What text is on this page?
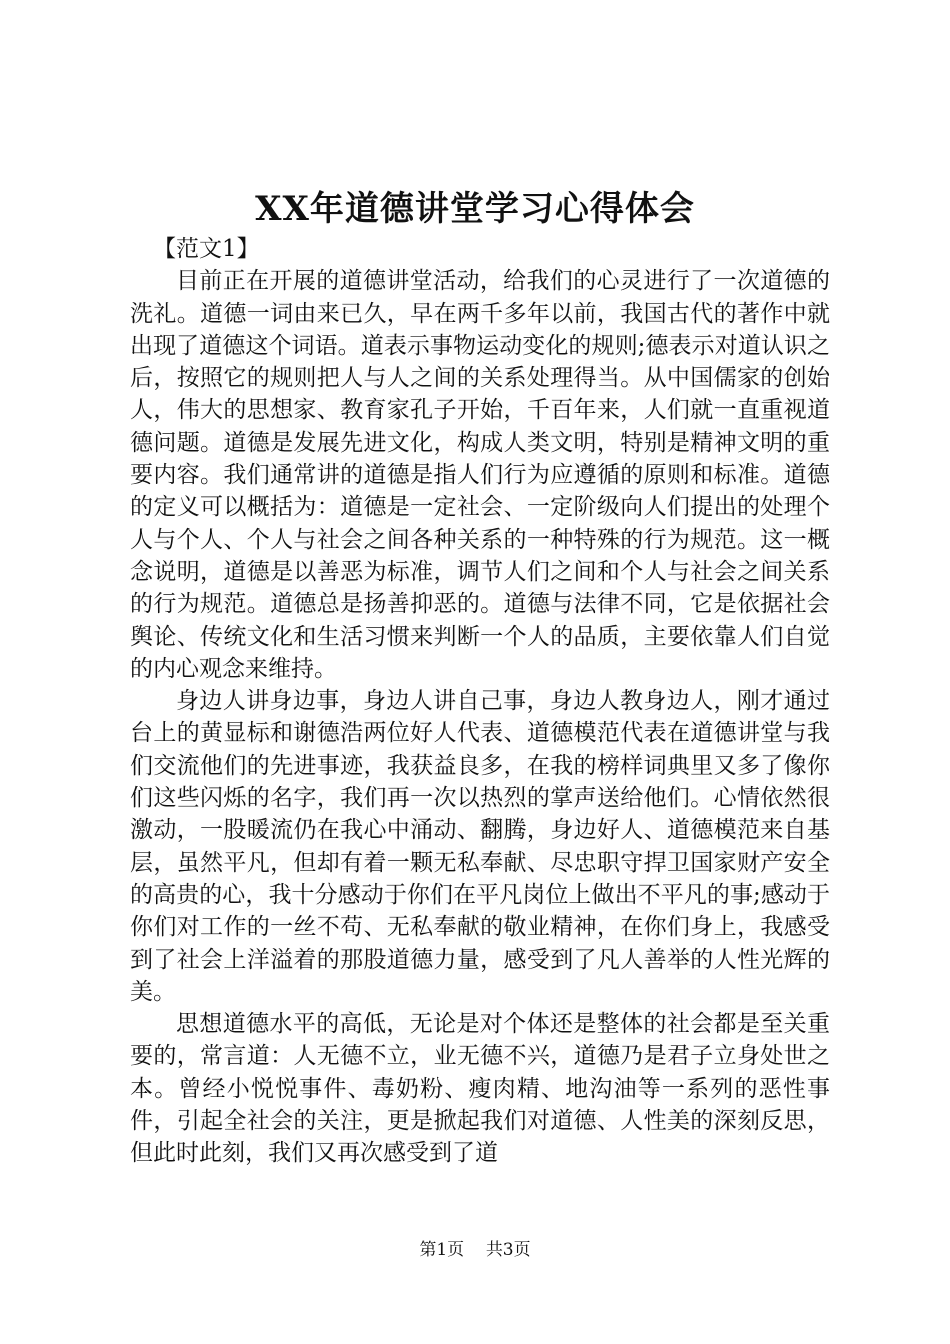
XX年道德讲堂学习心得体会

【范文1】

目前正在开展的道德讲堂活动，给我们的心灵进行了一次道德的洗礼。道德一词由来已久，早在两千多年以前，我国古代的著作中就出现了道德这个词语。道表示事物运动变化的规则;德表示对道认识之后，按照它的规则把人与人之间的关系处理得当。从中国儒家的创始人，伟大的思想家、教育家孔子开始，千百年来，人们就一直重视道德问题。道德是发展先进文化，构成人类文明，特别是精神文明的重要内容。我们通常讲的道德是指人们行为应遵循的原则和标准。道德的定义可以概括为：道德是一定社会、一定阶级向人们提出的处理个人与个人、个人与社会之间各种关系的一种特殊的行为规范。这一概念说明，道德是以善恶为标准，调节人们之间和个人与社会之间关系的行为规范。道德总是扬善抑恶的。道德与法律不同，它是依据社会舆论、传统文化和生活习惯来判断一个人的品质，主要依靠人们自觉的内心观念来维持。

身边人讲身边事，身边人讲自己事，身边人教身边人，刚才通过台上的黄显标和谢德浩两位好人代表、道德模范代表在道德讲堂与我们交流他们的先进事迹，我获益良多，在我的榜样词典里又多了像你们这些闪烁的名字，我们再一次以热烈的掌声送给他们。心情依然很激动，一股暖流仍在我心中涌动、翻腾，身边好人、道德模范来自基层，虽然平凡，但却有着一颗无私奉献、尽忠职守捍卫国家财产安全的高贵的心，我十分感动于你们在平凡岗位上做出不平凡的事;感动于你们对工作的一丝不苟、无私奉献的敬业精神，在你们身上，我感受到了社会上洋溢着的那股道德力量，感受到了凡人善举的人性光辉的美。

思想道德水平的高低，无论是对个体还是整体的社会都是至关重要的，常言道：人无德不立，业无德不兴，道德乃是君子立身处世之本。曾经小悦悦事件、毒奶粉、瘦肉精、地沟油等一系列的恶性事件，引起全社会的关注，更是掀起我们对道德、人性美的深刻反思，但此时此刻，我们又再次感受到了道

第1页 共3页
